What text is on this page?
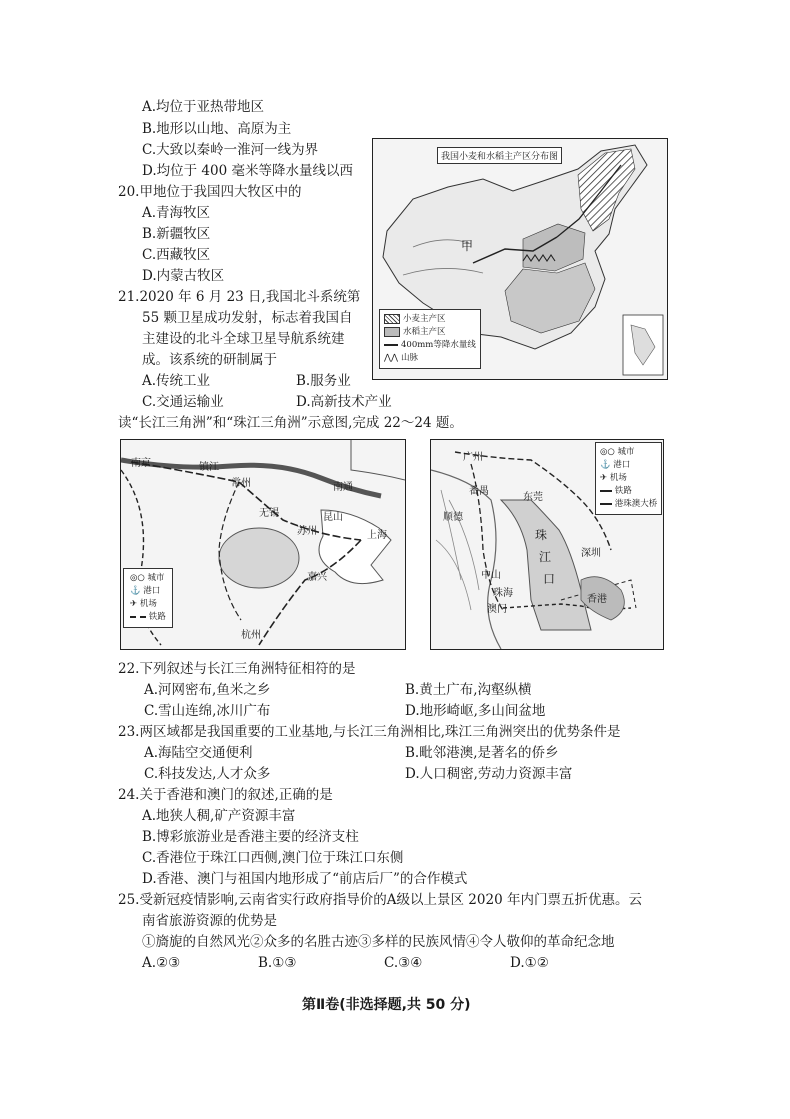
A.均位于亚热带地区
B.地形以山地、高原为主
C.大致以秦岭一淮河一线为界
D.均位于 400 毫米等降水量线以西
20.甲地位于我国四大牧区中的
A.青海牧区
B.新疆牧区
C.西藏牧区
D.内蒙古牧区
21.2020 年 6 月 23 日,我国北斗系统第
55 颗卫星成功发射，标志着我国自
主建设的北斗全球卫星导航系统建
成。该系统的研制属于
A.传统工业	B.服务业
C.交通运输业	D.高新技术产业
我国小麦和水稻主产区分布图
甲
小麦主产区
水稻主产区
400mm等降水量线
⋀⋀ 山脉
读“长江三角洲”和“珠江三角洲”示意图,完成 22～24 题。
南京	镇江
常州	南通
无锡
苏州
昆山
上海
嘉兴
杭州
◎○ 城市
⚓ 港口
✈ 机场
铁路
广州
番禺
东莞
顺德
中山
珠海
澳门
深圳
香港
珠
江
口
◎○ 城市
⚓ 港口
✈ 机场
铁路
港珠澳大桥
22.下列叙述与长江三角洲特征相符的是
A.河网密布,鱼米之乡	B.黄土广布,沟壑纵横
C.雪山连绵,冰川广布	D.地形崎岖,多山间盆地
23.两区域都是我国重要的工业基地,与长江三角洲相比,珠江三角洲突出的优势条件是
A.海陆空交通便利	B.毗邻港澳,是著名的侨乡
C.科技发达,人才众多	D.人口稠密,劳动力资源丰富
24.关于香港和澳门的叙述,正确的是
A.地狭人稠,矿产资源丰富
B.博彩旅游业是香港主要的经济支柱
C.香港位于珠江口西侧,澳门位于珠江口东侧
D.香港、澳门与祖国内地形成了“前店后厂”的合作模式
25.受新冠疫情影响,云南省实行政府指导价的A级以上景区 2020 年内门票五折优惠。云
南省旅游资源的优势是
①旖旎的自然风光②众多的名胜古迹③多样的民族风情④令人敬仰的革命纪念地
A.②③	B.①③	C.③④	D.①②
第Ⅱ卷(非选择题,共 50 分)
